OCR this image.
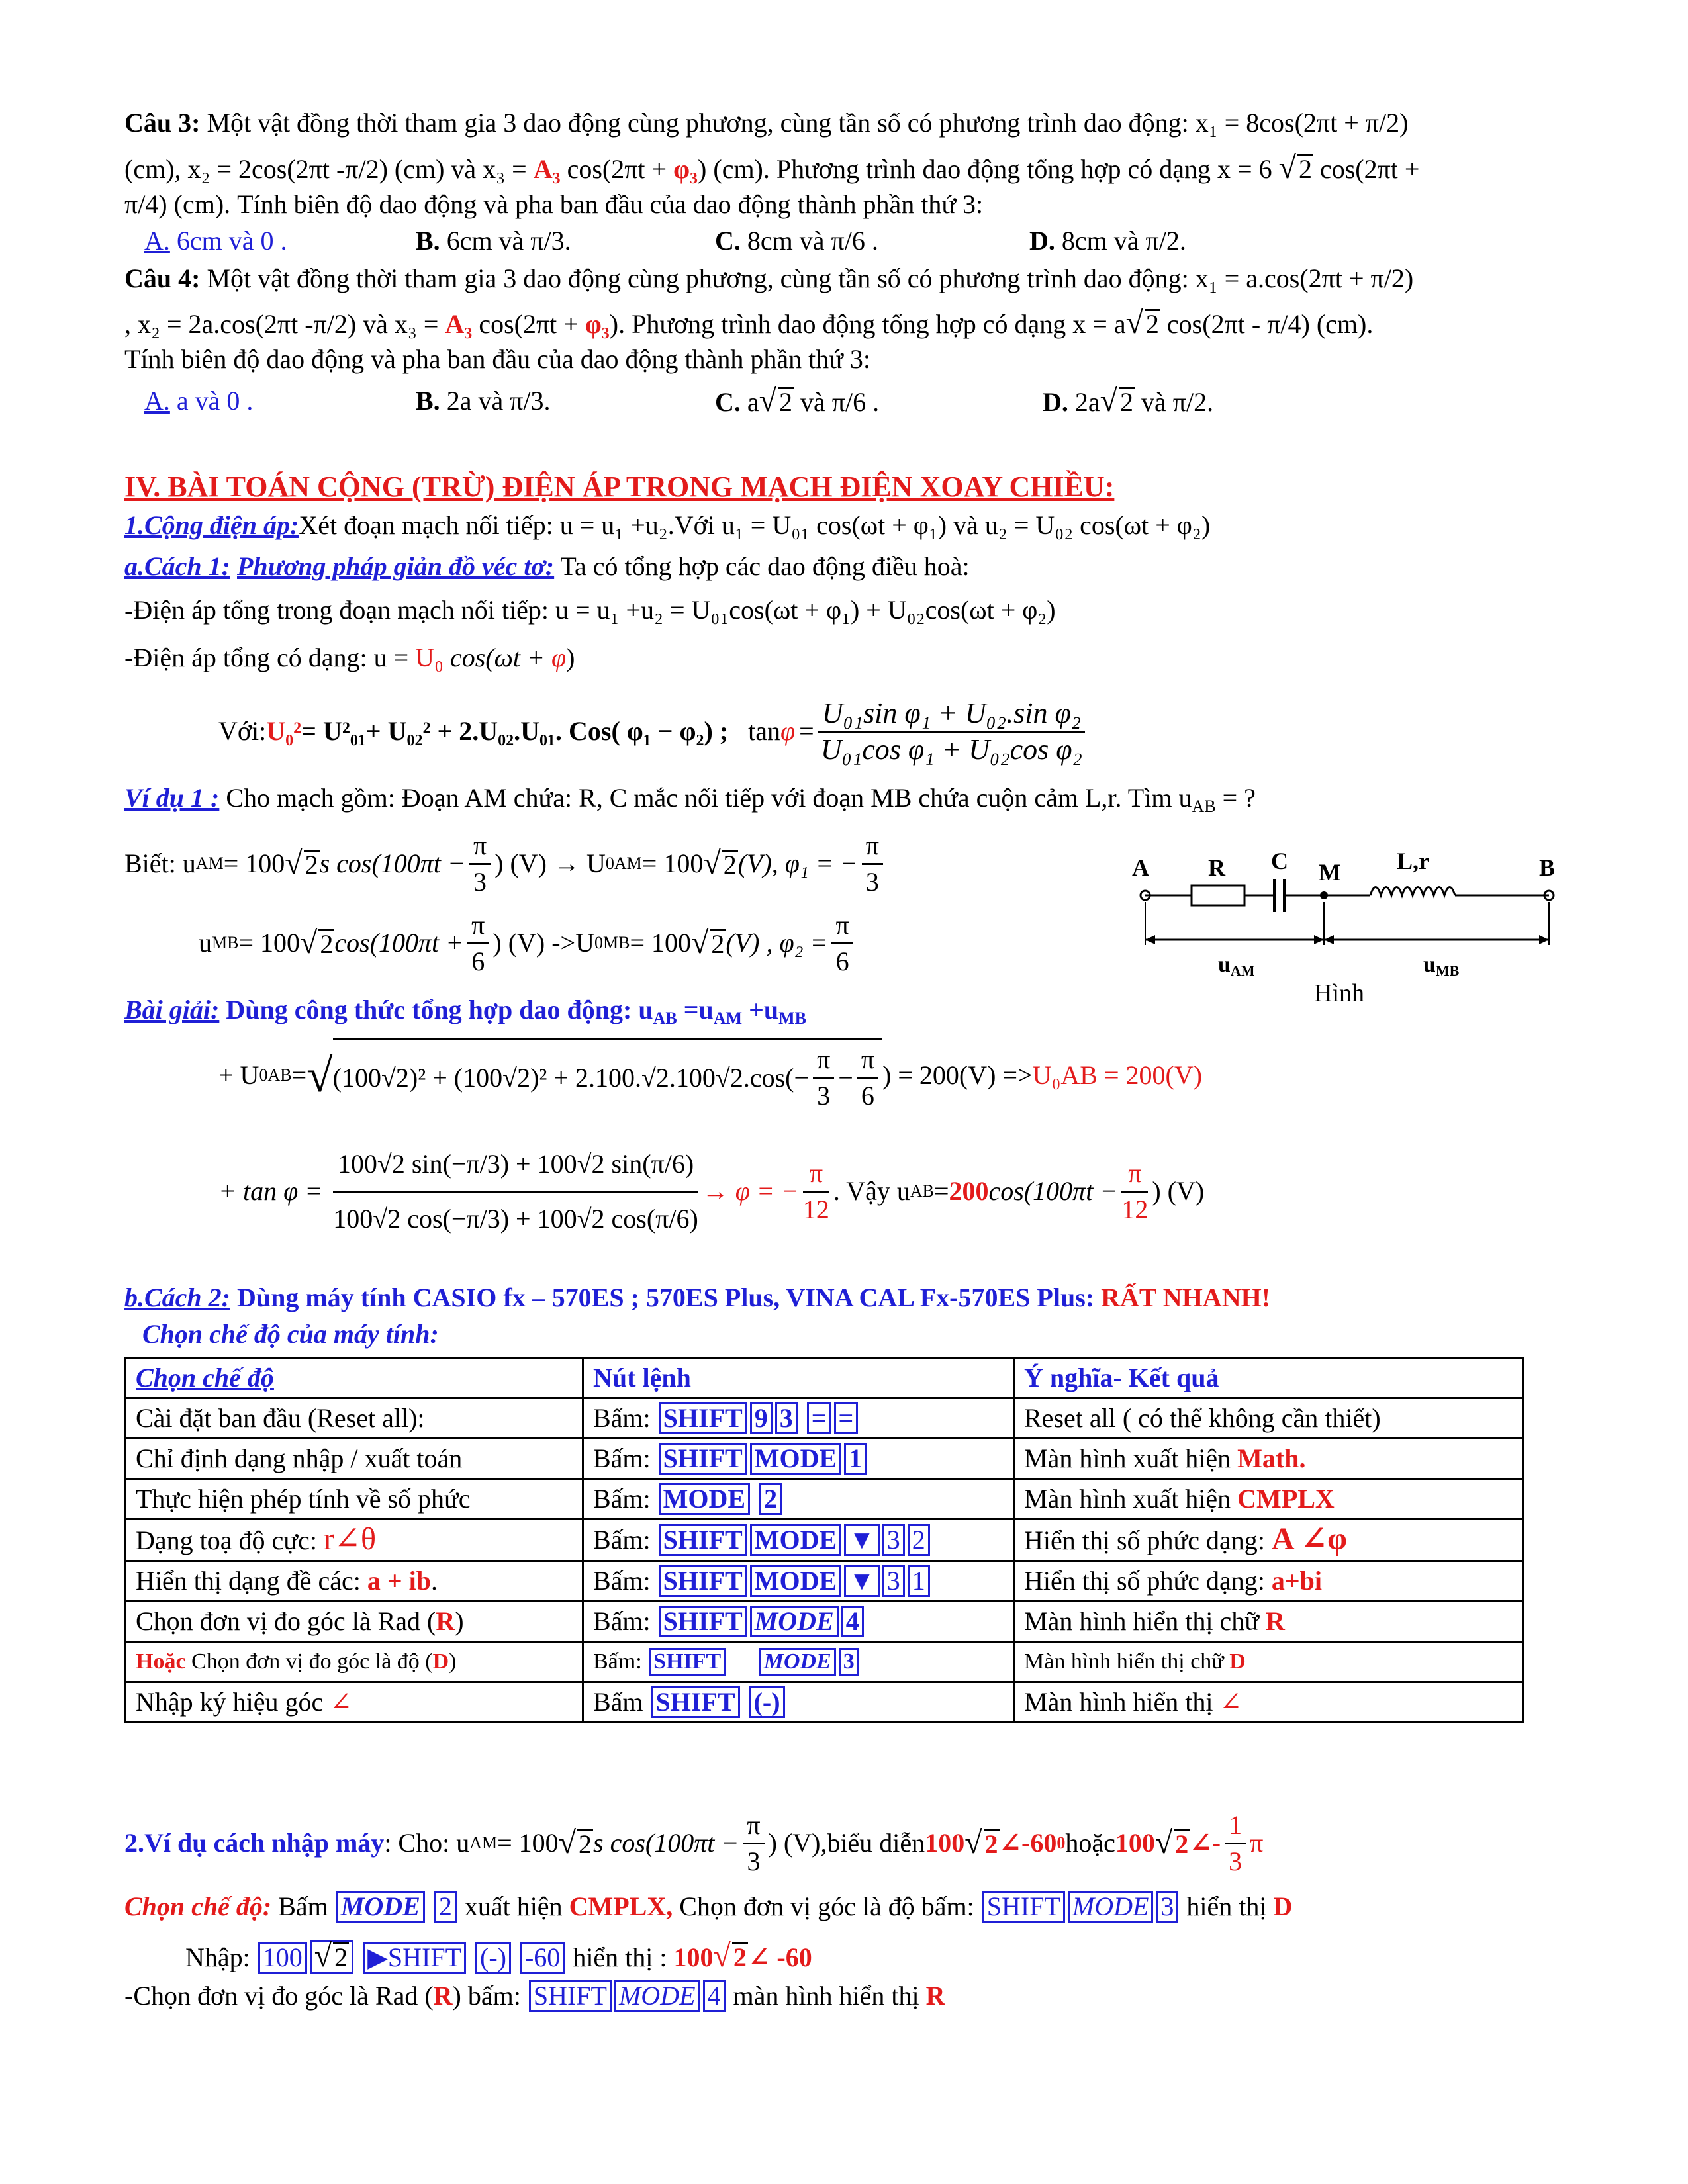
Câu 3: Một vật đồng thời tham gia 3 dao động cùng phương, cùng tần số có phương trình dao động: x₁ = 8cos(2πt + π/2)
(cm), x₂ = 2cos(2πt -π/2) (cm) và x₃ = A₃ cos(2πt + φ₃) (cm). Phương trình dao động tổng hợp có dạng x = 6 √ 2 cos(2πt +
π/4) (cm). Tính biên độ dao động và pha ban đầu của dao động thành phần thứ 3:
A. 6cm và 0 .	B. 6cm và π/3.	C. 8cm và π/6 .	D. 8cm và π/2.
Câu 4: Một vật đồng thời tham gia 3 dao động cùng phương, cùng tần số có phương trình dao động: x₁ = a.cos(2πt + π/2)
, x₂ = 2a.cos(2πt -π/2) và x₃ = A₃ cos(2πt + φ₃). Phương trình dao động tổng hợp có dạng x = a√ 2 cos(2πt - π/4) (cm).
Tính biên độ dao động và pha ban đầu của dao động thành phần thứ 3:
A. a và 0 .	B. 2a và π/3.	C. a√ 2 và π/6 .	D. 2a√ 2 và π/2.
IV. BÀI TOÁN CỘNG (TRỪ) ĐIỆN ÁP TRONG MẠCH ĐIỆN XOAY CHIỀU:
1.Cộng điện áp:Xét đoạn mạch nối tiếp: u = u₁ +u₂.Với u₁ = U₀₁ cos(ωt + φ₁) và u₂ = U₀₂ cos(ωt + φ₂)
a.Cách 1: Phương pháp giản đồ véc tơ: Ta có tổng hợp các dao động điều hoà:
-Điện áp tổng trong đoạn mạch nối tiếp: u = u₁ +u₂ = U₀₁cos(ωt + φ₁) + U₀₂cos(ωt + φ₂)
-Điện áp tổng có dạng: u = U₀ cos(ωt + φ)
Với: U₀² = U²₀₁+ U₀₂² + 2.U₀₂.U₀₁. Cos( φ₁ − φ₂) ; $\tan \varphi = \frac{\text{U₀₁sin φ₁ + U₀₂.sin φ₂}}{\text{U₀₁cos φ₁ + U₀₂cos φ₂}}$
Ví dụ 1 : Cho mạch gồm: Đoạn AM chứa: R, C mắc nối tiếp với đoạn MB chứa cuộn cảm L,r. Tìm $u_{AB}$ = ?
Biết: u AM = 100 √ 2 s $\cos(100\pi t - \frac{\pi}{3}$ ) (V) → U 0AM = 100 √ 2 (V), φ₁ = − $\frac{\pi}{3}$
u MB = 100 √ 2 $\cos(100\pi t + \frac{\pi}{6}$ ) (V) ->U 0MB = 100 √ 2 (V) , $\varphi_2 = \frac{\pi}{6}$
A R C M L,r	B
uAM	uMB
Hình
Bài giải: Dùng công thức tổng hợp dao động: $u_{AB} =u_{AM} +u_{MB}$
+ U 0AB = √ $(100√2)^2 + (100√2)^2 + 2.100.√2.100√2.\cos(- \frac{\pi}{3} - \frac{\pi}{6}$ ) = 200(V) => U₀AB = 200(V)
+ $\tan \varphi = \frac{100√2 \sin(-\pi/3) + 100√2 \sin(\pi/6)}{100√2 \cos(-\pi/3) + 100√2 \cos(\pi/6)} \to \varphi$ = − $\frac{\pi}{12}$ . Vậy u AB = 200 $\cos(100\pi t - \frac{\pi}{12}$ ) (V)
b.Cách 2: Dùng máy tính CASIO fx – 570ES ; 570ES Plus, VINA CAL Fx-570ES Plus: RẤT NHANH!
Chọn chế độ của máy tính:
Chọn chế độ	Nút lệnh	Ý nghĩa- Kết quả
Cài đặt ban đầu (Reset all):	Bấm: SHIFT 9 3 = =	Reset all ( có thể không cần thiết)
Chỉ định dạng nhập / xuất toán	Bấm: SHIFT MODE 1	Màn hình xuất hiện Math.
Thực hiện phép tính về số phức	Bấm: MODE 2	Màn hình xuất hiện CMPLX
Dạng toạ độ cực: r∠θ	Bấm: SHIFT MODE ▼ 3 2	Hiển thị số phức dạng: A ∠φ
Hiển thị dạng đề các: a + ib.	Bấm: SHIFT MODE ▼ 3 1	Hiển thị số phức dạng: a+bi
Chọn đơn vị đo góc là Rad (R)	Bấm: SHIFT MODE 4	Màn hình hiển thị chữ R
Hoặc Chọn đơn vị đo góc là độ (D)	Bấm: SHIFT MODE 3	Màn hình hiển thị chữ D
Nhập ký hiệu góc ∠	Bấm SHIFT (-)	Màn hình hiển thị ∠
2.Ví dụ cách nhập máy : Cho: u AM = 100 √ 2 s $\cos(100\pi t - \frac{\pi}{3}$ ) (V),biểu diễn 100 √ 2 ∠-60 0 hoặc 100 √ 2 ∠- $\frac{1}{3}$ π
Chọn chế độ: Bấm MODE 2 xuất hiện CMPLX, Chọn đơn vị góc là độ bấm: SHIFT MODE 3 hiển thị D
Nhập: 100 √ 2 ▶SHIFT (-) -60 hiển thị : 100√ 2∠ -60
-Chọn đơn vị đo góc là Rad (R) bấm: SHIFT MODE 4 màn hình hiển thị R
